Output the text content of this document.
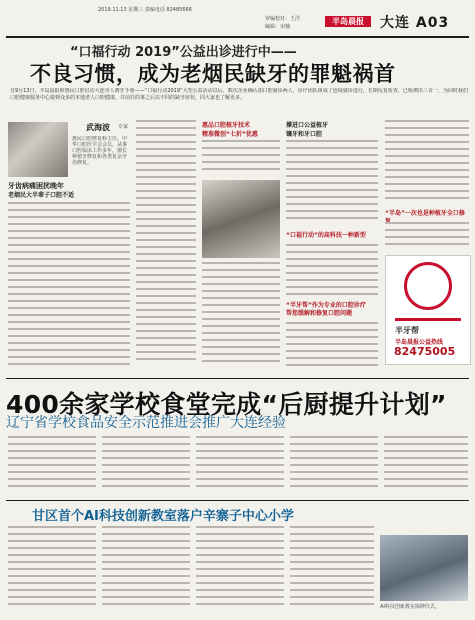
2019.11.13 星期三 责编电话 82485666
审编校对：王洋
编辑：宋楠
半岛晨报	大连 A03
“口福行动 2019”公益出诊进行中——
不良习惯，成为老烟民缺牙的罪魁祸首
自9月13日，半岛晨报和惠民口腔启动大连市人牌牙手册——“口福行动2019”大型公益活动以后，数次企业确认加口腔就诊两人，诊疗团队组成了连续就诊进行，长期反复检查，已检测出三百一，为同时我们口腔健康服务中心接到众多的本地老人口腔健康，并前往的事之后以不同的缺牙症状，同大家也了解更多。
武海波 专家
惠民口腔修复科主任，中华口腔医学会会员，从事口腔临床工作多年，擅长种植牙修复和各类复杂牙齿修复。
牙齿病痛困扰晚年
老烟民大半辈子口腔不适
惠品口腔植牙技术
精准微创“七折”优惠
撑进口公益植牙
镶牙和牙口腔
“口福行动”的高科技一种新型
“半牙帮”作为专业的口腔诊疗
帮您缓解和修复口腔问题
“半岛”一次也是种植牙全口修
半牙帮
半岛晨报公益热线
82475005
400余家学校食堂完成“后厨提升计划”
辽宁省学校食品安全示范推进会推广大连经验
甘区首个AI科技创新教室落户辛寨子中心小学
AI科技创新教室揭牌仪式。
